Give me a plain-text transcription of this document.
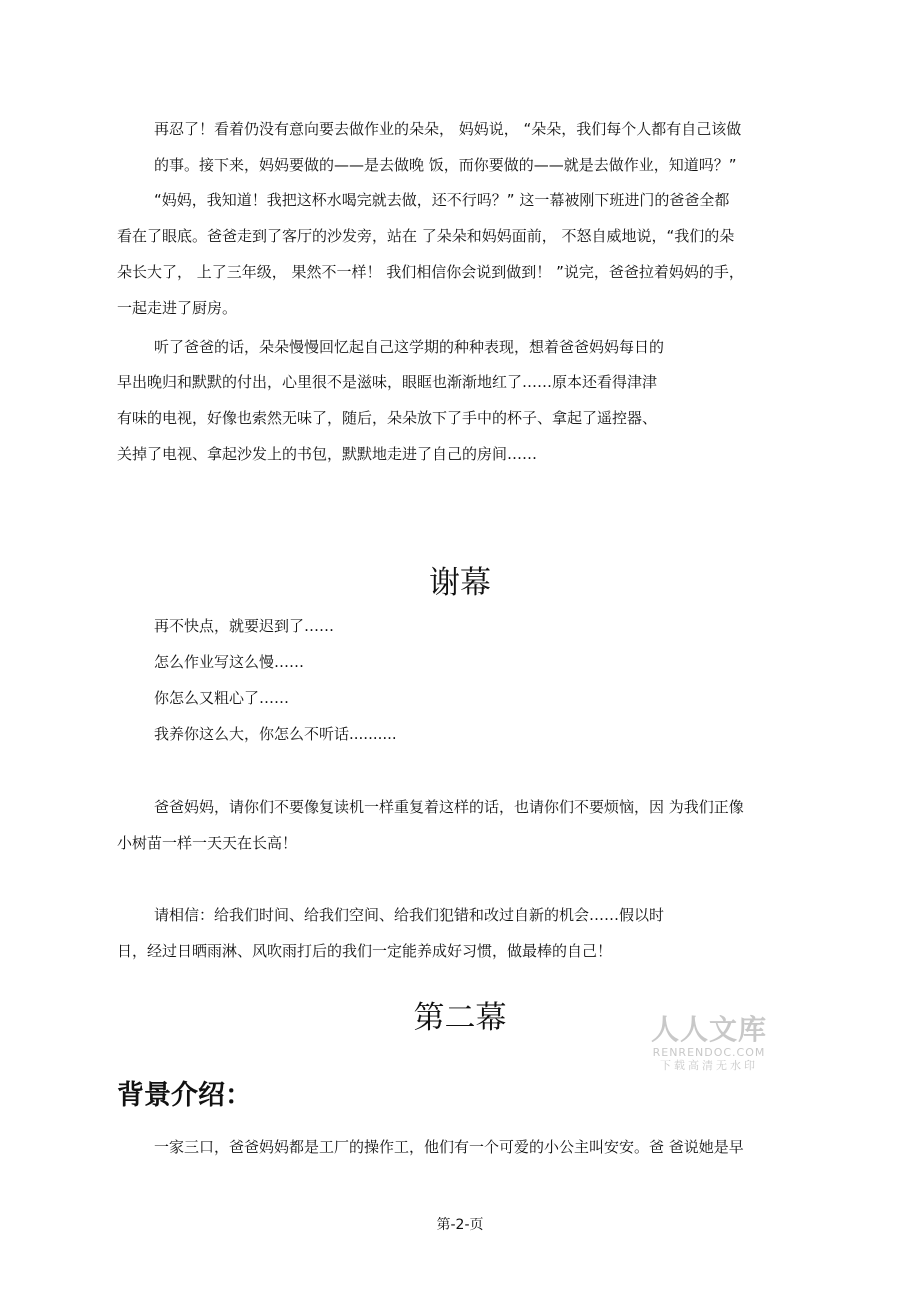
再忍了！看着仍没有意向要去做作业的朵朵， 妈妈说， “朵朵，我们每个人都有自己该做
的事。接下来，妈妈要做的——是去做晚 饭，而你要做的——就是去做作业，知道吗？”
“妈妈，我知道！我把这杯水喝完就去做，还不行吗？” 这一幕被刚下班进门的爸爸全都
看在了眼底。爸爸走到了客厅的沙发旁，站在 了朵朵和妈妈面前， 不怒自威地说，“我们的朵
朵长大了， 上了三年级， 果然不一样！ 我们相信你会说到做到！ ”说完，爸爸拉着妈妈的手，
一起走进了厨房。
听了爸爸的话，朵朵慢慢回忆起自己这学期的种种表现，想着爸爸妈妈每日的
早出晚归和默默的付出，心里很不是滋味，眼眶也渐渐地红了……原本还看得津津
有味的电视，好像也索然无味了，随后，朵朵放下了手中的杯子、拿起了遥控器、
关掉了电视、拿起沙发上的书包，默默地走进了自己的房间……
谢幕
再不快点，就要迟到了……
怎么作业写这么慢……
你怎么又粗心了……
我养你这么大，你怎么不听话..........
爸爸妈妈，请你们不要像复读机一样重复着这样的话，也请你们不要烦恼，因 为我们正像
小树苗一样一天天在长高！
请相信：给我们时间、给我们空间、给我们犯错和改过自新的机会……假以时
日，经过日晒雨淋、风吹雨打后的我们一定能养成好习惯，做最棒的自己！
第二幕	人人文库
RENRENDOC.COM
下载高清无水印
背景介绍：
一家三口，爸爸妈妈都是工厂的操作工，他们有一个可爱的小公主叫安安。爸 爸说她是早
第-2-页
